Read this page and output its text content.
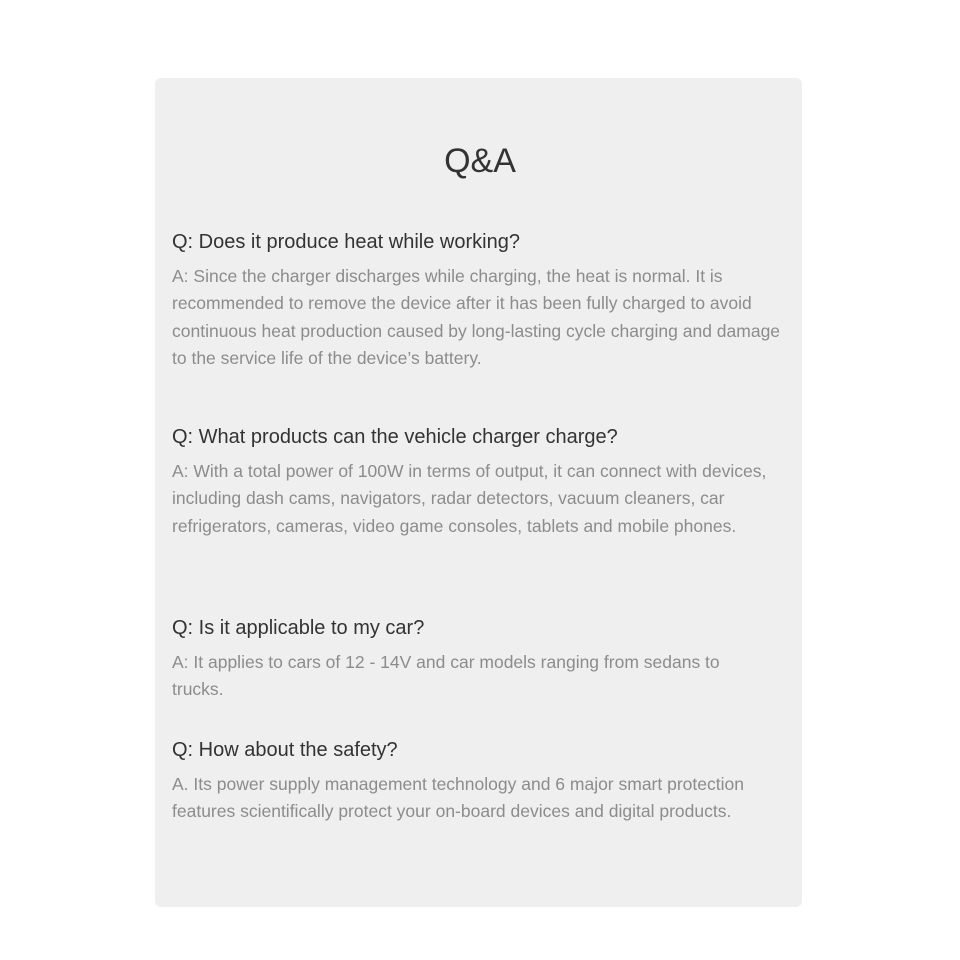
Q&A

Q: Does it produce heat while working?

A: Since the charger discharges while charging, the heat is normal. It is recommended to remove the device after it has been fully charged to avoid continuous heat production caused by long-lasting cycle charging and damage to the service life of the device’s battery.

Q: What products can the vehicle charger charge?

A: With a total power of 100W in terms of output, it can connect with devices, including dash cams, navigators, radar detectors, vacuum cleaners, car refrigerators, cameras, video game consoles, tablets and mobile phones.

Q: Is it applicable to my car?

A: It applies to cars of 12 - 14V and car models ranging from sedans to trucks.

Q: How about the safety?

A. Its power supply management technology and 6 major smart protection features scientifically protect your on-board devices and digital products.
